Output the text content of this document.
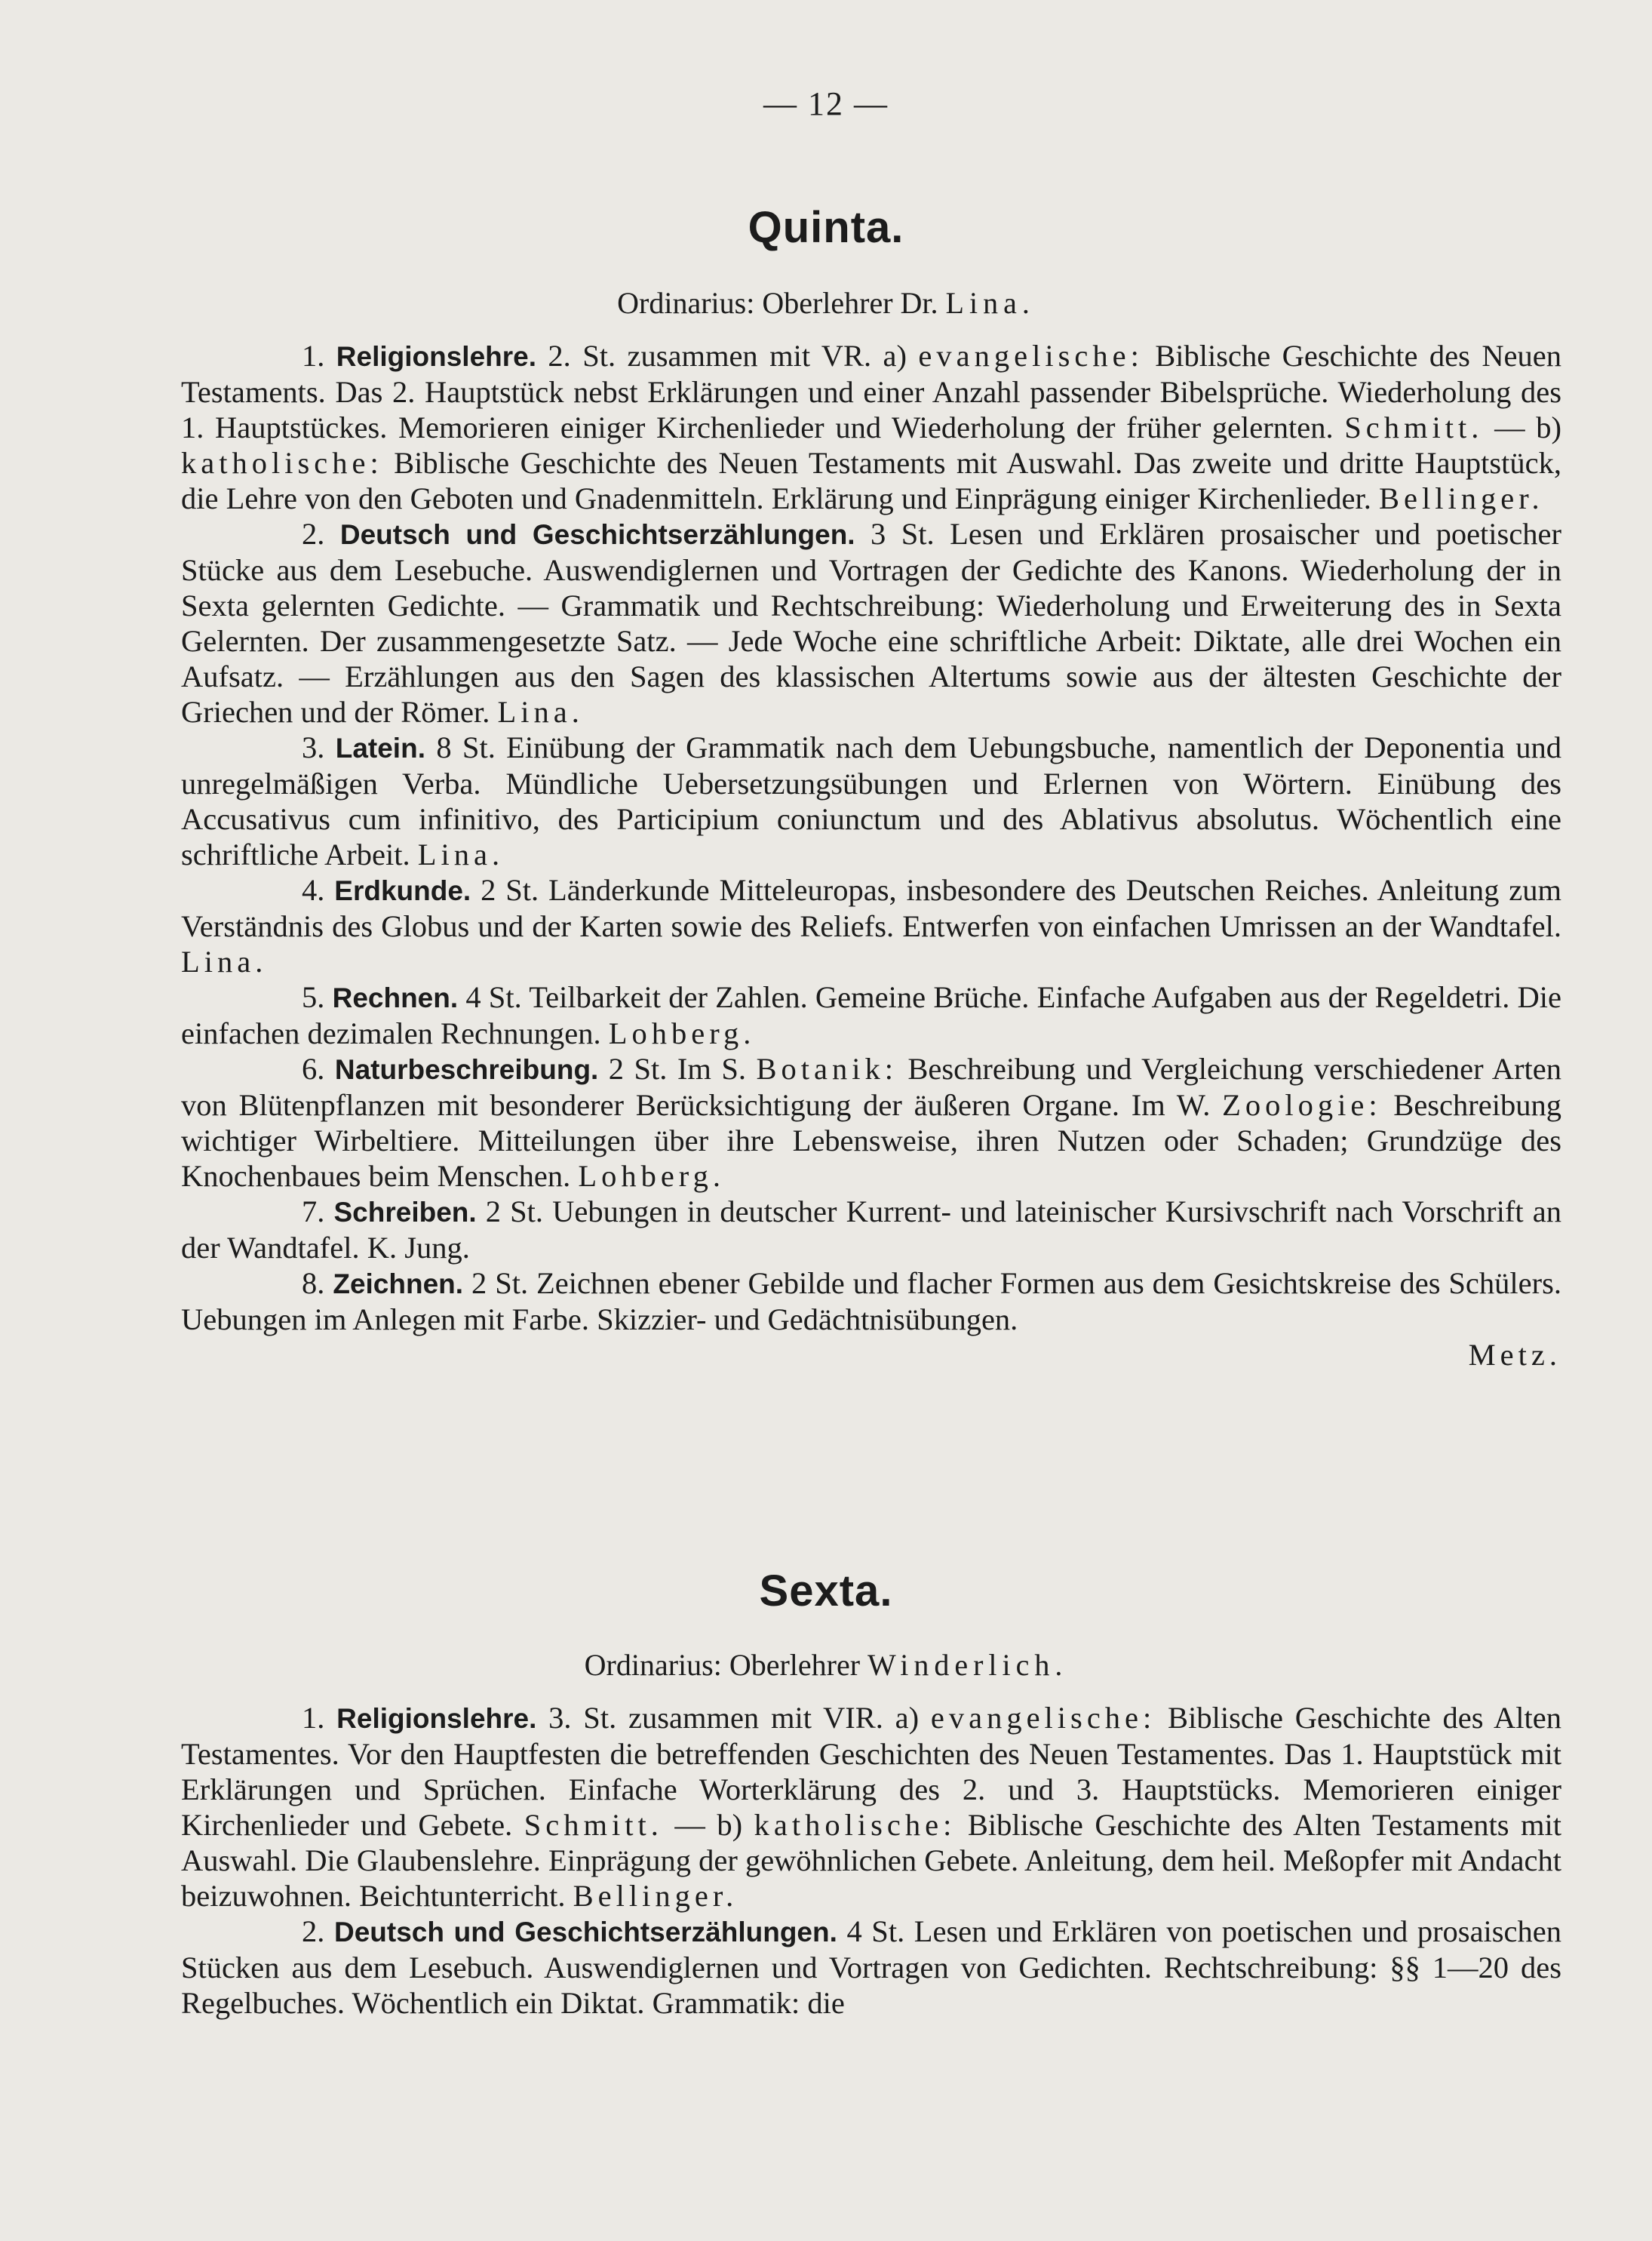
— 12 —
Quinta.
Ordinarius: Oberlehrer Dr. Lina.

1. Religionslehre. 2. St. zusammen mit VR. a) evangelische: Biblische Geschichte des Neuen Testaments. Das 2. Hauptstück nebst Erklärungen und einer Anzahl passender Bibelsprüche. Wiederholung des 1. Hauptstückes. Memorieren einiger Kirchenlieder und Wiederholung der früher gelernten. Schmitt. — b) katholische: Biblische Geschichte des Neuen Testaments mit Auswahl. Das zweite und dritte Hauptstück, die Lehre von den Geboten und Gnadenmitteln. Erklärung und Einprägung einiger Kirchenlieder. Bellinger.

2. Deutsch und Geschichtserzählungen. 3 St. Lesen und Erklären prosaischer und poetischer Stücke aus dem Lesebuche. Auswendiglernen und Vortragen der Gedichte des Kanons. Wiederholung der in Sexta gelernten Gedichte. — Grammatik und Rechtschreibung: Wiederholung und Erweiterung des in Sexta Gelernten. Der zusammengesetzte Satz. — Jede Woche eine schriftliche Arbeit: Diktate, alle drei Wochen ein Aufsatz. — Erzählungen aus den Sagen des klassischen Altertums sowie aus der ältesten Geschichte der Griechen und der Römer. Lina.

3. Latein. 8 St. Einübung der Grammatik nach dem Uebungsbuche, namentlich der Deponentia und unregelmäßigen Verba. Mündliche Uebersetzungsübungen und Erlernen von Wörtern. Einübung des Accusativus cum infinitivo, des Participium coniunctum und des Ablativus absolutus. Wöchentlich eine schriftliche Arbeit. Lina.

4. Erdkunde. 2 St. Länderkunde Mitteleuropas, insbesondere des Deutschen Reiches. Anleitung zum Verständnis des Globus und der Karten sowie des Reliefs. Entwerfen von einfachen Umrissen an der Wandtafel. Lina.

5. Rechnen. 4 St. Teilbarkeit der Zahlen. Gemeine Brüche. Einfache Aufgaben aus der Regeldetri. Die einfachen dezimalen Rechnungen. Lohberg.

6. Naturbeschreibung. 2 St. Im S. Botanik: Beschreibung und Vergleichung verschiedener Arten von Blütenpflanzen mit besonderer Berücksichtigung der äußeren Organe. Im W. Zoologie: Beschreibung wichtiger Wirbeltiere. Mitteilungen über ihre Lebensweise, ihren Nutzen oder Schaden; Grundzüge des Knochenbaues beim Menschen. Lohberg.

7. Schreiben. 2 St. Uebungen in deutscher Kurrent- und lateinischer Kursivschrift nach Vorschrift an der Wandtafel. K. Jung.

8. Zeichnen. 2 St. Zeichnen ebener Gebilde und flacher Formen aus dem Gesichtskreise des Schülers. Uebungen im Anlegen mit Farbe. Skizzier- und Gedächtnisübungen.
Metz.

Sexta.
Ordinarius: Oberlehrer Winderlich.

1. Religionslehre. 3. St. zusammen mit VIR. a) evangelische: Biblische Geschichte des Alten Testamentes. Vor den Hauptfesten die betreffenden Geschichten des Neuen Testamentes. Das 1. Hauptstück mit Erklärungen und Sprüchen. Einfache Worterklärung des 2. und 3. Hauptstücks. Memorieren einiger Kirchenlieder und Gebete. Schmitt. — b) katholische: Biblische Geschichte des Alten Testaments mit Auswahl. Die Glaubenslehre. Einprägung der gewöhnlichen Gebete. Anleitung, dem heil. Meßopfer mit Andacht beizuwohnen. Beichtunterricht. Bellinger.

2. Deutsch und Geschichtserzählungen. 4 St. Lesen und Erklären von poetischen und prosaischen Stücken aus dem Lesebuch. Auswendiglernen und Vortragen von Gedichten. Rechtschreibung: §§ 1—20 des Regelbuches. Wöchentlich ein Diktat. Grammatik: die
